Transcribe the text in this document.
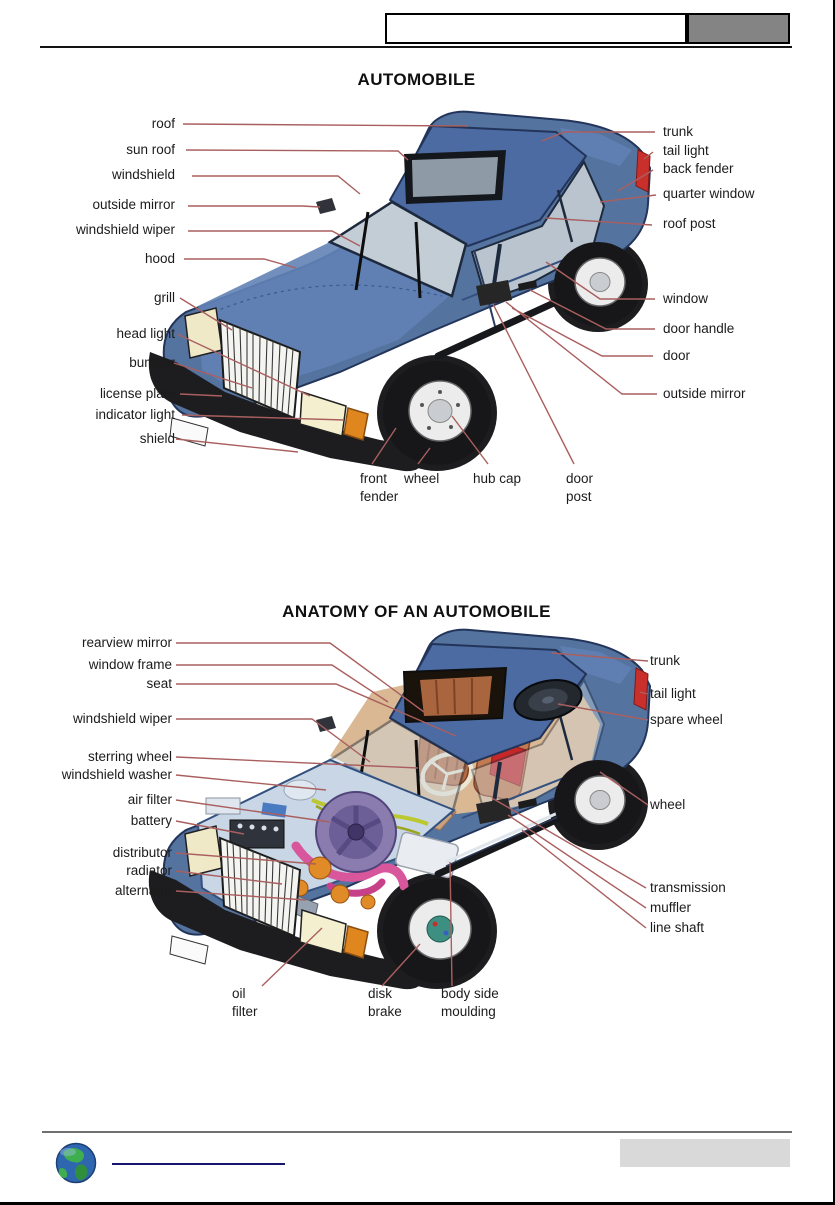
AUTOMOBILE
ANATOMY OF AN AUTOMOBILE
roof
sun roof
windshield
outside mirror
windshield wiper
hood
grill
head light
bumper
license plate
indicator light
shield
trunk
tail light
back fender
quarter window
roof post
window
door handle
door
outside mirror
front
fender
wheel hub cap	door
post
rearview mirror
window frame
seat
windshield wiper
sterring wheel
windshield washer
air filter
battery
distributor
radiator
alternator
trunk
tail light
spare wheel
wheel
transmission
muffler
line shaft
oil
filter
disk
brake
body side
moulding
